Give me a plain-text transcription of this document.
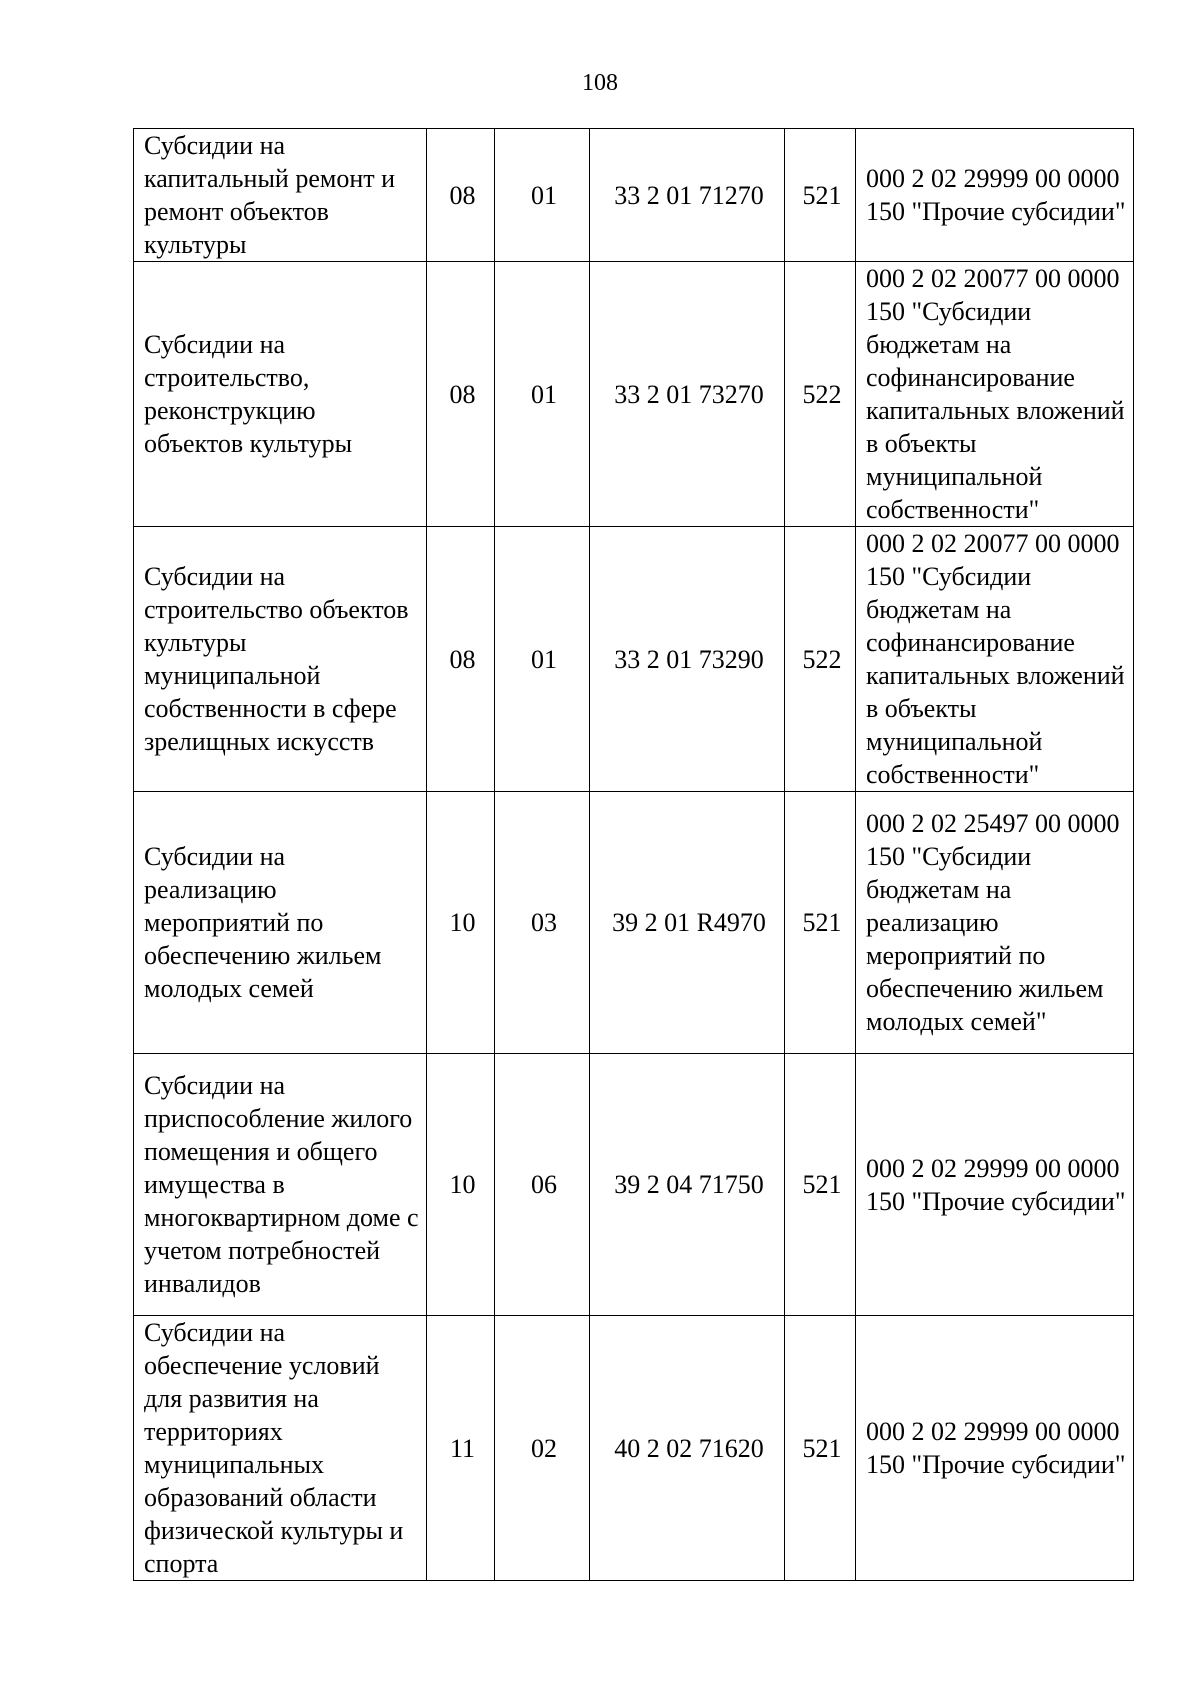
108
Субсидии на капитальный ремонт и ремонт объектов культуры	08	01	33 2 01 71270	521	000 2 02 29999 00 0000 150 "Прочие субсидии"
Субсидии на строительство, реконструкцию объектов культуры	08	01	33 2 01 73270	522	000 2 02 20077 00 0000 150 "Субсидии бюджетам на софинансирование капитальных вложений в объекты муниципальной собственности"
Субсидии на строительство объектов культуры муниципальной собственности в сфере зрелищных искусств	08	01	33 2 01 73290	522	000 2 02 20077 00 0000 150 "Субсидии бюджетам на софинансирование капитальных вложений в объекты муниципальной собственности"
Субсидии на реализацию мероприятий по обеспечению жильем молодых семей	10	03	39 2 01 R4970	521	000 2 02 25497 00 0000 150 "Субсидии бюджетам на реализацию мероприятий по обеспечению жильем молодых семей"
Субсидии на приспособление жилого помещения и общего имущества в многоквартирном доме с учетом потребностей инвалидов	10	06	39 2 04 71750	521	000 2 02 29999 00 0000 150 "Прочие субсидии"
Субсидии на обеспечение условий для развития на территориях муниципальных образований области физической культуры и спорта	11	02	40 2 02 71620	521	000 2 02 29999 00 0000 150 "Прочие субсидии"
